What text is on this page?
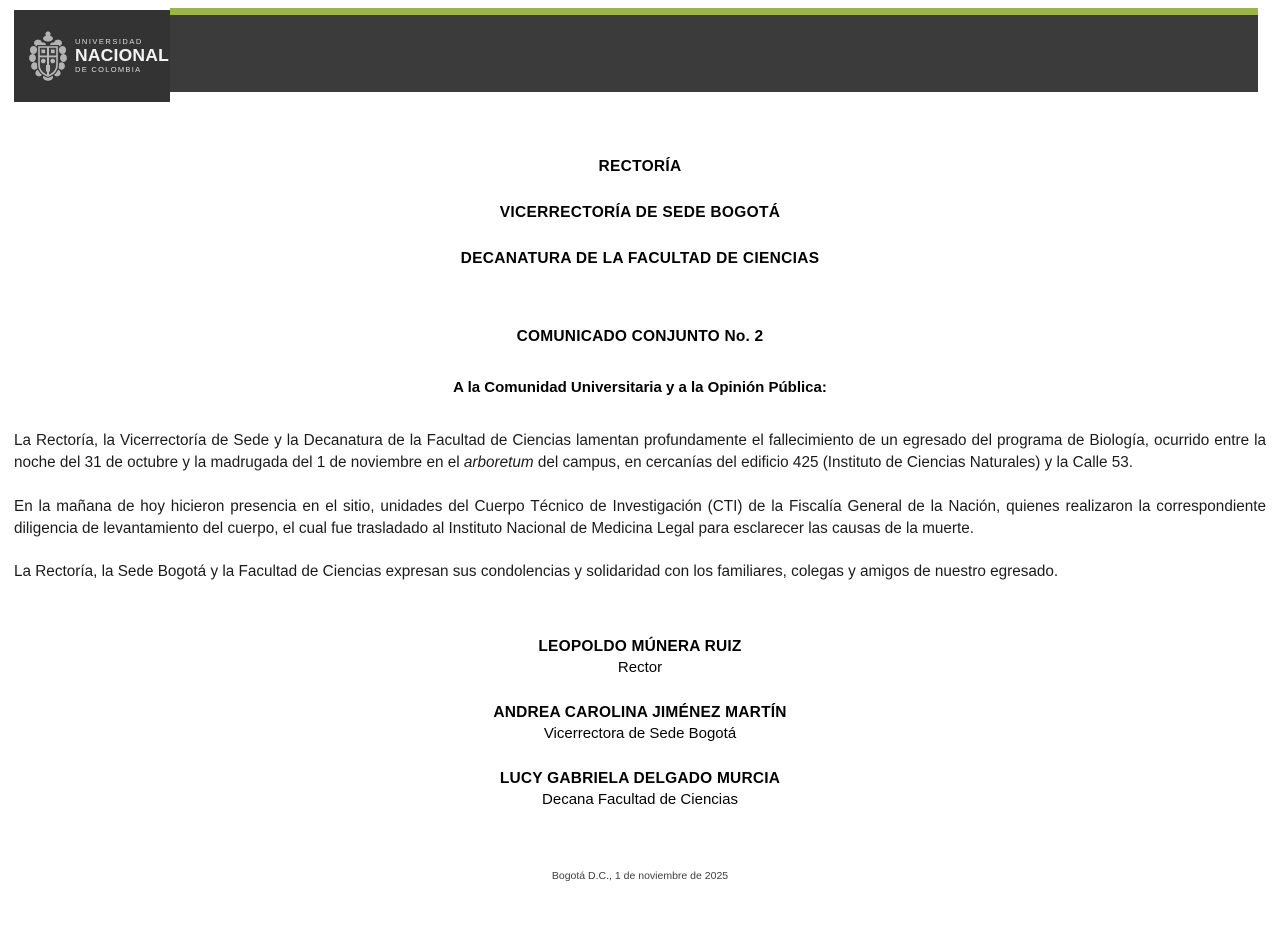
UNIVERSIDAD
NACIONAL
DE COLOMBIA
RECTORÍA
VICERRECTORÍA DE SEDE BOGOTÁ
DECANATURA DE LA FACULTAD DE CIENCIAS
COMUNICADO CONJUNTO No. 2
A la Comunidad Universitaria y a la Opinión Pública:

La Rectoría, la Vicerrectoría de Sede y la Decanatura de la Facultad de Ciencias lamentan profundamente el fallecimiento de un egresado del programa de Biología, ocurrido entre la noche del 31 de octubre y la madrugada del 1 de noviembre en el arboretum del campus, en cercanías del edificio 425 (Instituto de Ciencias Naturales) y la Calle 53.

En la mañana de hoy hicieron presencia en el sitio, unidades del Cuerpo Técnico de Investigación (CTI) de la Fiscalía General de la Nación, quienes realizaron la correspondiente diligencia de levantamiento del cuerpo, el cual fue trasladado al Instituto Nacional de Medicina Legal para esclarecer las causas de la muerte.

La Rectoría, la Sede Bogotá y la Facultad de Ciencias expresan sus condolencias y solidaridad con los familiares, colegas y amigos de nuestro egresado.

LEOPOLDO MÚNERA RUIZ
Rector
ANDREA CAROLINA JIMÉNEZ MARTÍN
Vicerrectora de Sede Bogotá
LUCY GABRIELA DELGADO MURCIA
Decana Facultad de Ciencias
Bogotá D.C., 1 de noviembre de 2025
